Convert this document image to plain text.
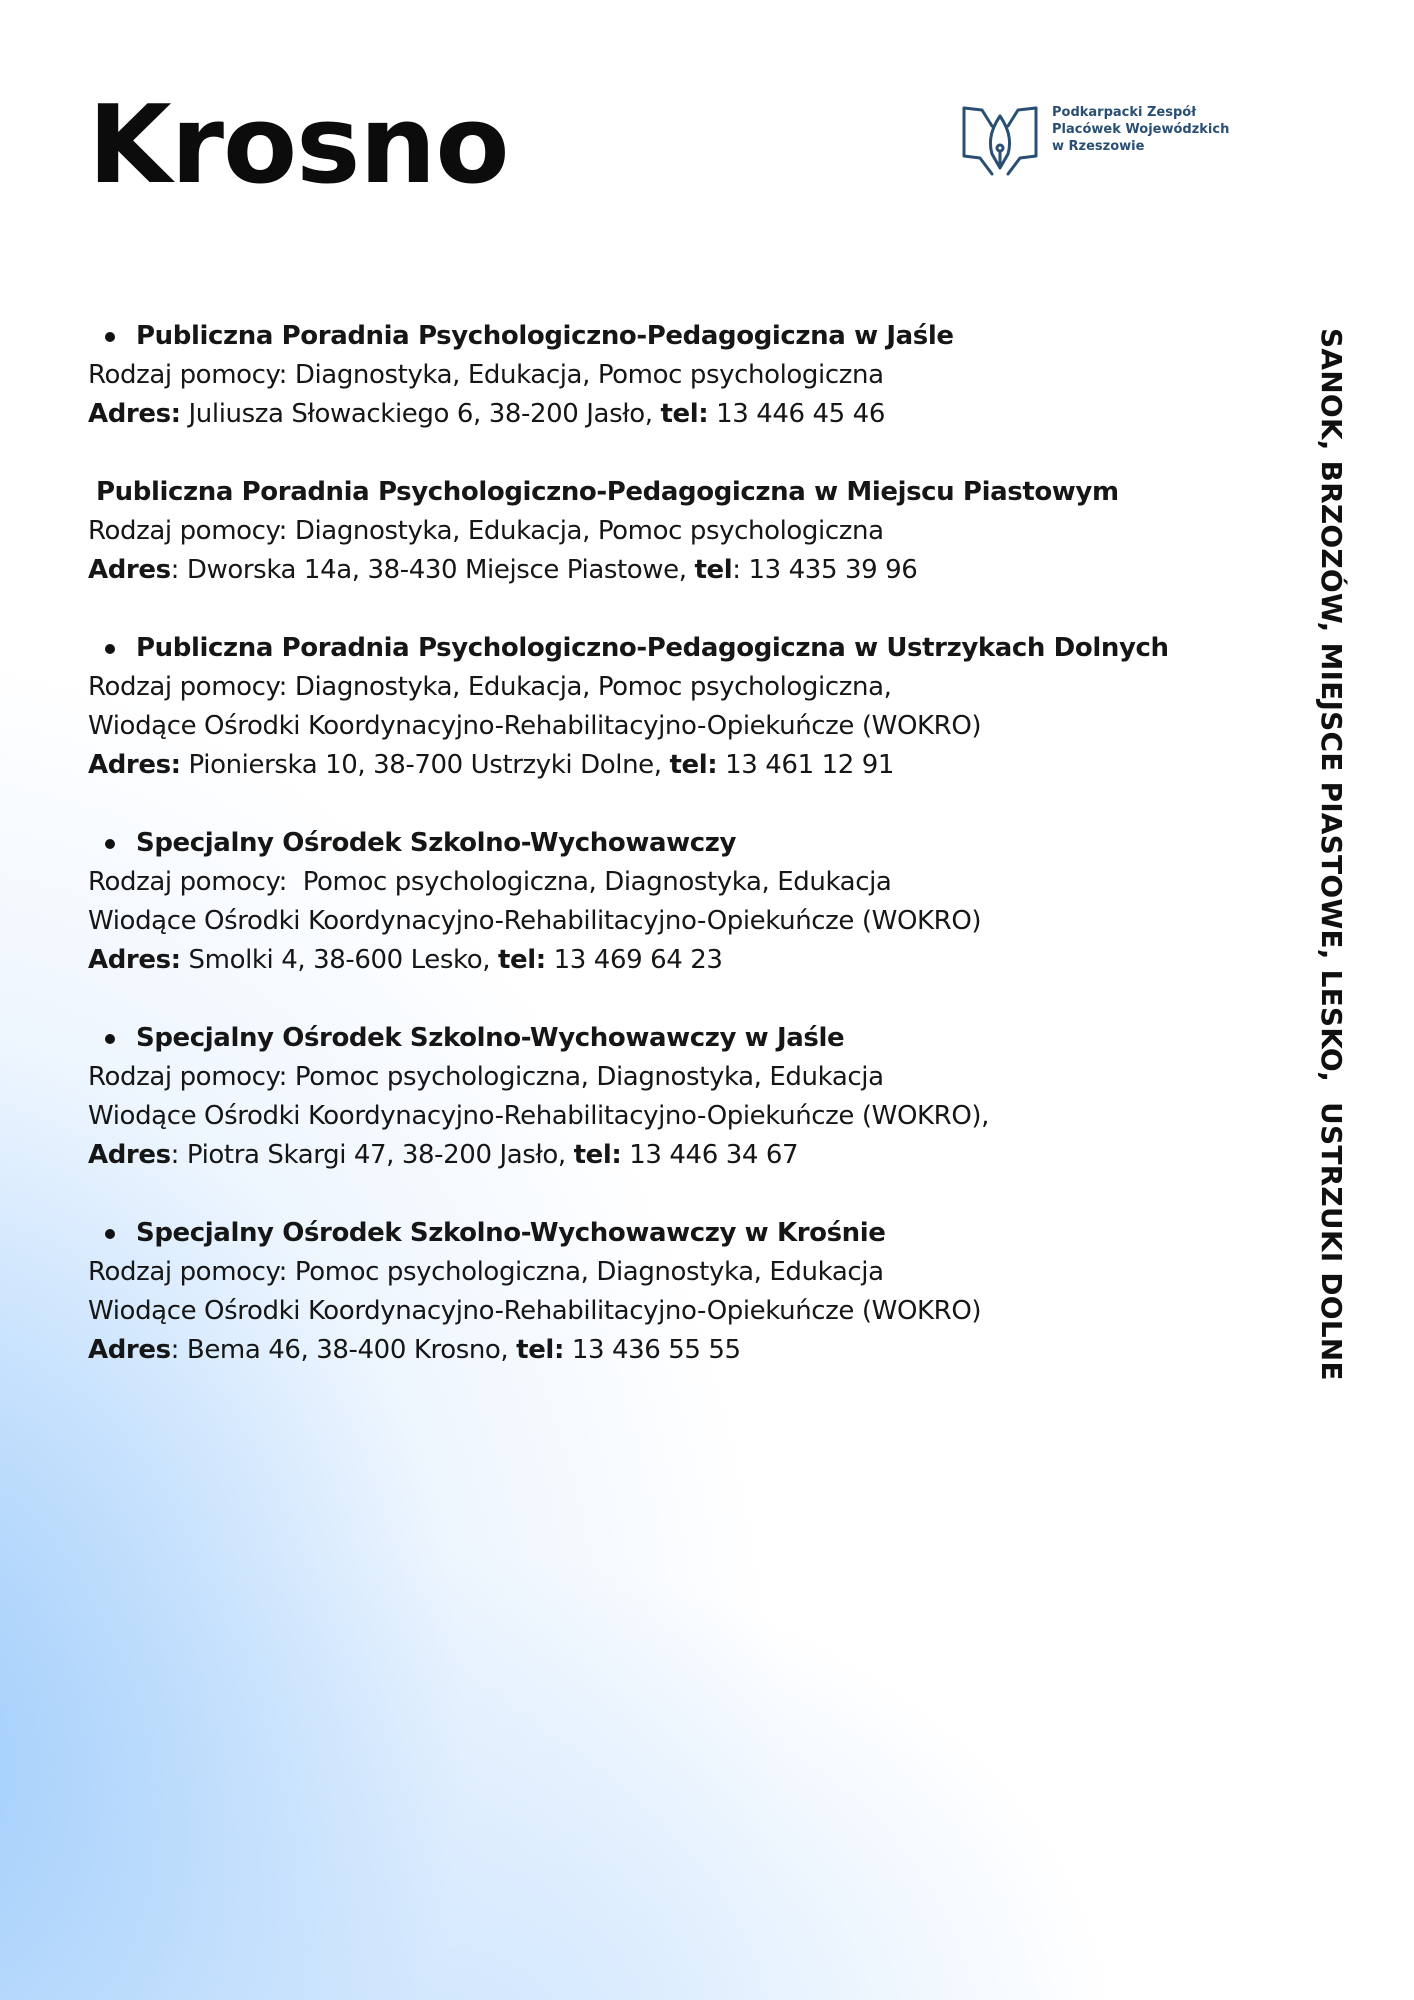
Krosno	Podkarpacki Zespół
Placówek Wojewódzkich
w Rzeszowie
Publiczna Poradnia Psychologiczno-Pedagogiczna w Jaśle
Rodzaj pomocy: Diagnostyka, Edukacja, Pomoc psychologiczna
Adres: Juliusza Słowackiego 6, 38-200 Jasło, tel: 13 446 45 46
Publiczna Poradnia Psychologiczno-Pedagogiczna w Miejscu Piastowym
Rodzaj pomocy: Diagnostyka, Edukacja, Pomoc psychologiczna
Adres: Dworska 14a, 38-430 Miejsce Piastowe, tel: 13 435 39 96
Publiczna Poradnia Psychologiczno-Pedagogiczna w Ustrzykach Dolnych
Rodzaj pomocy: Diagnostyka, Edukacja, Pomoc psychologiczna,
Wiodące Ośrodki Koordynacyjno-Rehabilitacyjno-Opiekuńcze (WOKRO)
Adres: Pionierska 10, 38-700 Ustrzyki Dolne, tel: 13 461 12 91
Specjalny Ośrodek Szkolno-Wychowawczy
Rodzaj pomocy:  Pomoc psychologiczna, Diagnostyka, Edukacja
Wiodące Ośrodki Koordynacyjno-Rehabilitacyjno-Opiekuńcze (WOKRO)
Adres: Smolki 4, 38-600 Lesko, tel: 13 469 64 23
Specjalny Ośrodek Szkolno-Wychowawczy w Jaśle
Rodzaj pomocy: Pomoc psychologiczna, Diagnostyka, Edukacja
Wiodące Ośrodki Koordynacyjno-Rehabilitacyjno-Opiekuńcze (WOKRO),
Adres: Piotra Skargi 47, 38-200 Jasło, tel: 13 446 34 67
Specjalny Ośrodek Szkolno-Wychowawczy w Krośnie
Rodzaj pomocy: Pomoc psychologiczna, Diagnostyka, Edukacja
Wiodące Ośrodki Koordynacyjno-Rehabilitacyjno-Opiekuńcze (WOKRO)
Adres: Bema 46, 38-400 Krosno, tel: 13 436 55 55	SANOK, BRZOZÓW, MIEJSCE PIASTOWE, LESKO,  USTRZUKI DOLNE
